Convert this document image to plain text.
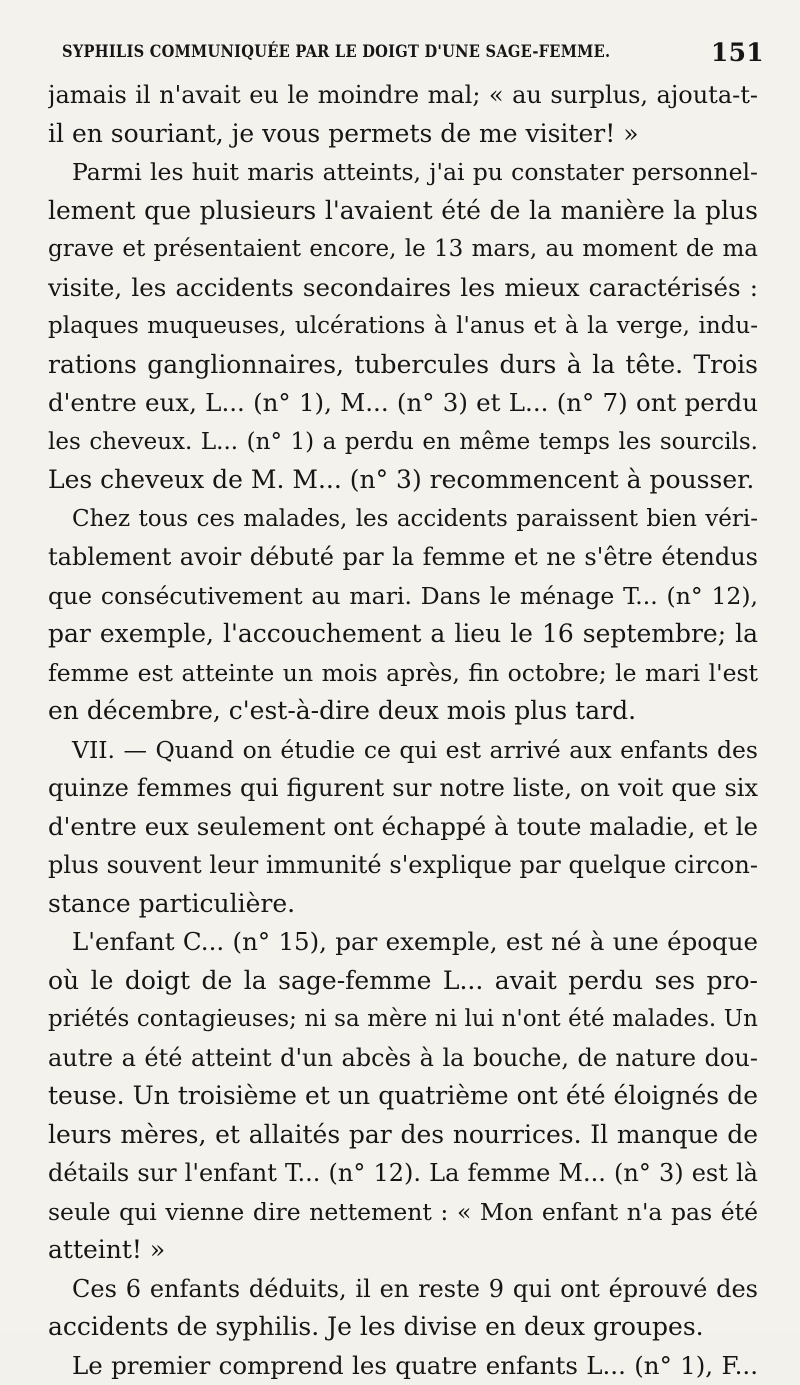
SYPHILIS COMMUNIQUÉE PAR LE DOIGT D'UNE SAGE-FEMME.	151
jamais il n'avait eu le moindre mal; « au surplus, ajouta-t-
il en souriant, je vous permets de me visiter! »
Parmi les huit maris atteints, j'ai pu constater personnel-
lement que plusieurs l'avaient été de la manière la plus
grave et présentaient encore, le 13 mars, au moment de ma
visite, les accidents secondaires les mieux caractérisés :
plaques muqueuses, ulcérations à l'anus et à la verge, indu-
rations ganglionnaires, tubercules durs à la tête. Trois
d'entre eux, L... (n° 1), M... (n° 3) et L... (n° 7) ont perdu
les cheveux. L... (n° 1) a perdu en même temps les sourcils.
Les cheveux de M. M... (n° 3) recommencent à pousser.
Chez tous ces malades, les accidents paraissent bien véri-
tablement avoir débuté par la femme et ne s'être étendus
que consécutivement au mari. Dans le ménage T... (n° 12),
par exemple, l'accouchement a lieu le 16 septembre; la
femme est atteinte un mois après, fin octobre; le mari l'est
en décembre, c'est-à-dire deux mois plus tard.
VII. — Quand on étudie ce qui est arrivé aux enfants des
quinze femmes qui figurent sur notre liste, on voit que six
d'entre eux seulement ont échappé à toute maladie, et le
plus souvent leur immunité s'explique par quelque circon-
stance particulière.
L'enfant C... (n° 15), par exemple, est né à une époque
où le doigt de la sage-femme L... avait perdu ses pro-
priétés contagieuses; ni sa mère ni lui n'ont été malades. Un
autre a été atteint d'un abcès à la bouche, de nature dou-
teuse. Un troisième et un quatrième ont été éloignés de
leurs mères, et allaités par des nourrices. Il manque de
détails sur l'enfant T... (n° 12). La femme M... (n° 3) est là
seule qui vienne dire nettement : « Mon enfant n'a pas été
atteint! »
Ces 6 enfants déduits, il en reste 9 qui ont éprouvé des
accidents de syphilis. Je les divise en deux groupes.
Le premier comprend les quatre enfants L... (n° 1), F...
